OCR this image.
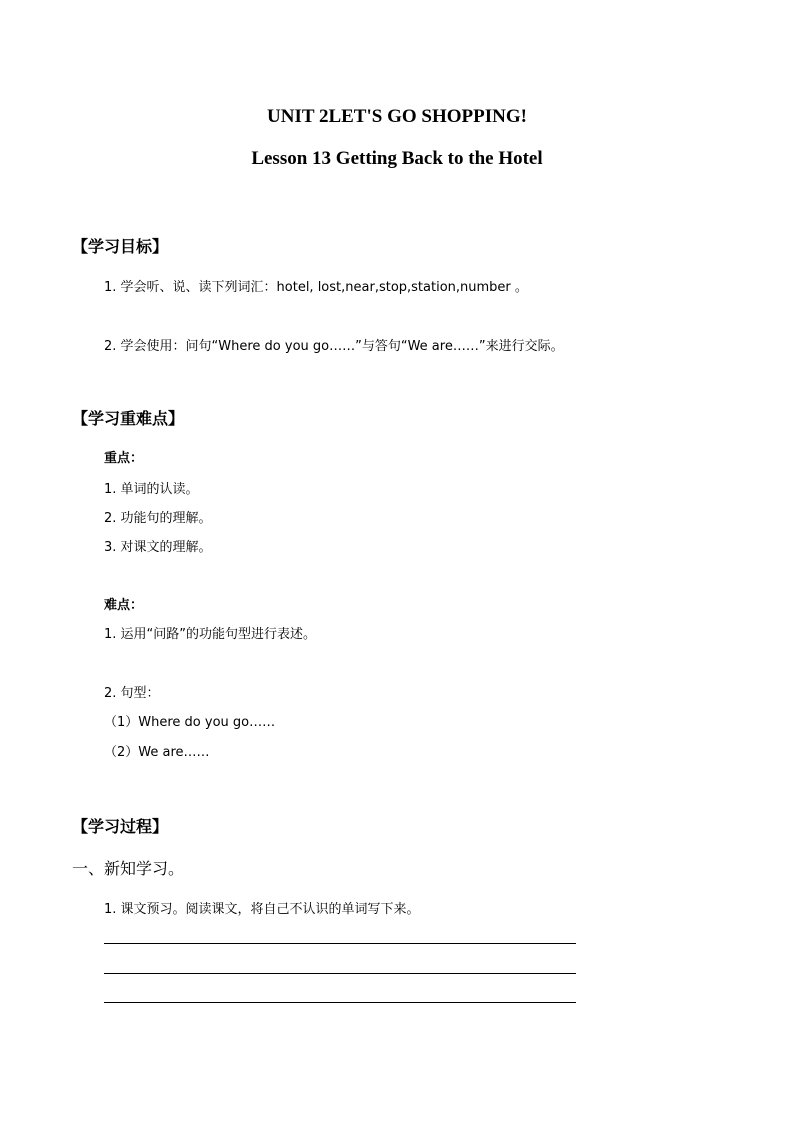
UNIT 2LET'S GO SHOPPING!
Lesson 13 Getting Back to the Hotel
【学习目标】
1. 学会听、说、读下列词汇：hotel, lost,near,stop,station,number 。
2. 学会使用：问句“Where do you go……”与答句“We are……”来进行交际。
【学习重难点】
重点：
1. 单词的认读。
2. 功能句的理解。
3. 对课文的理解。
难点：
1. 运用“问路”的功能句型进行表述。
2. 句型：
（1）Where do you go……
（2）We are……
【学习过程】
一、新知学习。
1. 课文预习。阅读课文，将自己不认识的单词写下来。
